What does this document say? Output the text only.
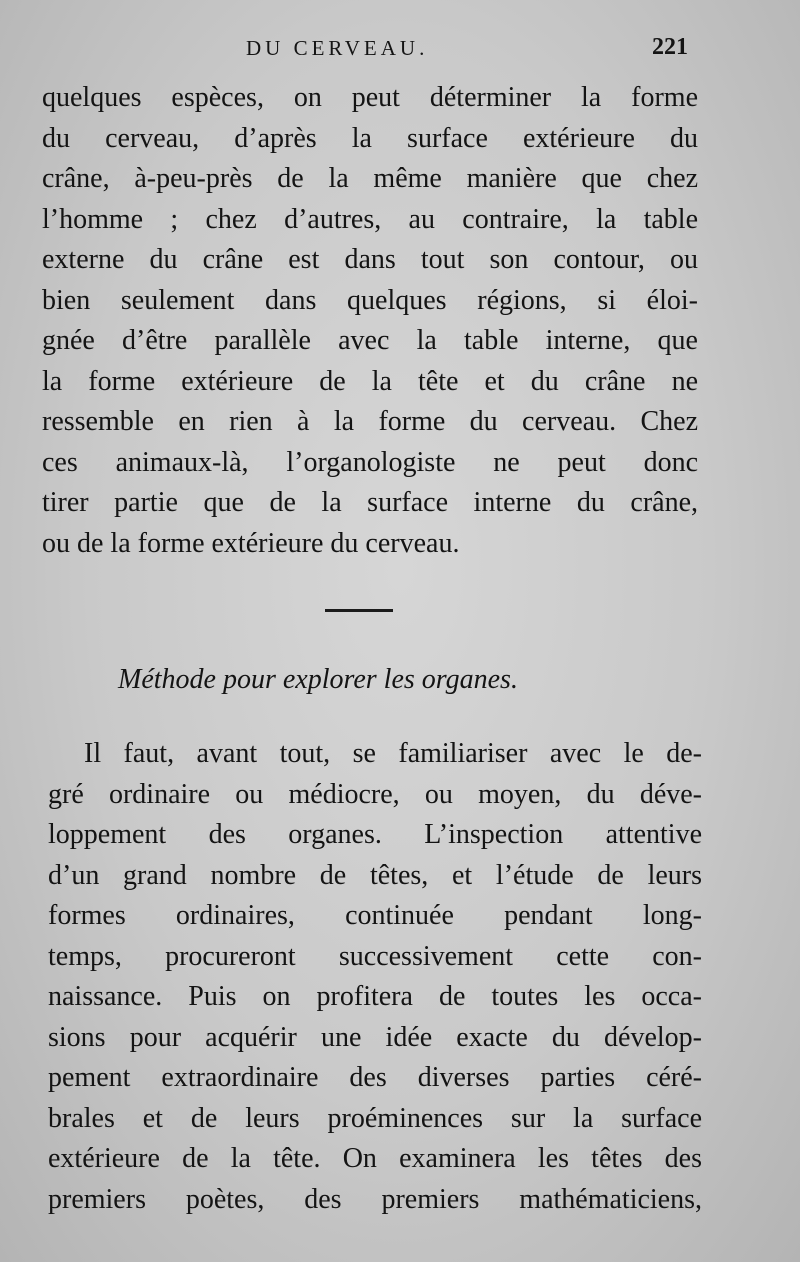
DU CERVEAU.	221
quelques espèces, on peut déterminer la forme
du cerveau, d’après la surface extérieure du
crâne, à-peu-près de la même manière que chez
l’homme ; chez d’autres, au contraire, la table
externe du crâne est dans tout son contour, ou
bien seulement dans quelques régions, si éloi-
gnée d’être parallèle avec la table interne, que
la forme extérieure de la tête et du crâne ne
ressemble en rien à la forme du cerveau. Chez
ces animaux-là, l’organologiste ne peut donc
tirer partie que de la surface interne du crâne,
ou de la forme extérieure du cerveau.
Méthode pour explorer les organes.
Il faut, avant tout, se familiariser avec le de-
gré ordinaire ou médiocre, ou moyen, du déve-
loppement des organes. L’inspection attentive
d’un grand nombre de têtes, et l’étude de leurs
formes ordinaires, continuée pendant long-
temps, procureront successivement cette con-
naissance. Puis on profitera de toutes les occa-
sions pour acquérir une idée exacte du dévelop-
pement extraordinaire des diverses parties céré-
brales et de leurs proéminences sur la surface
extérieure de la tête. On examinera les têtes des
premiers poètes, des premiers mathématiciens,
